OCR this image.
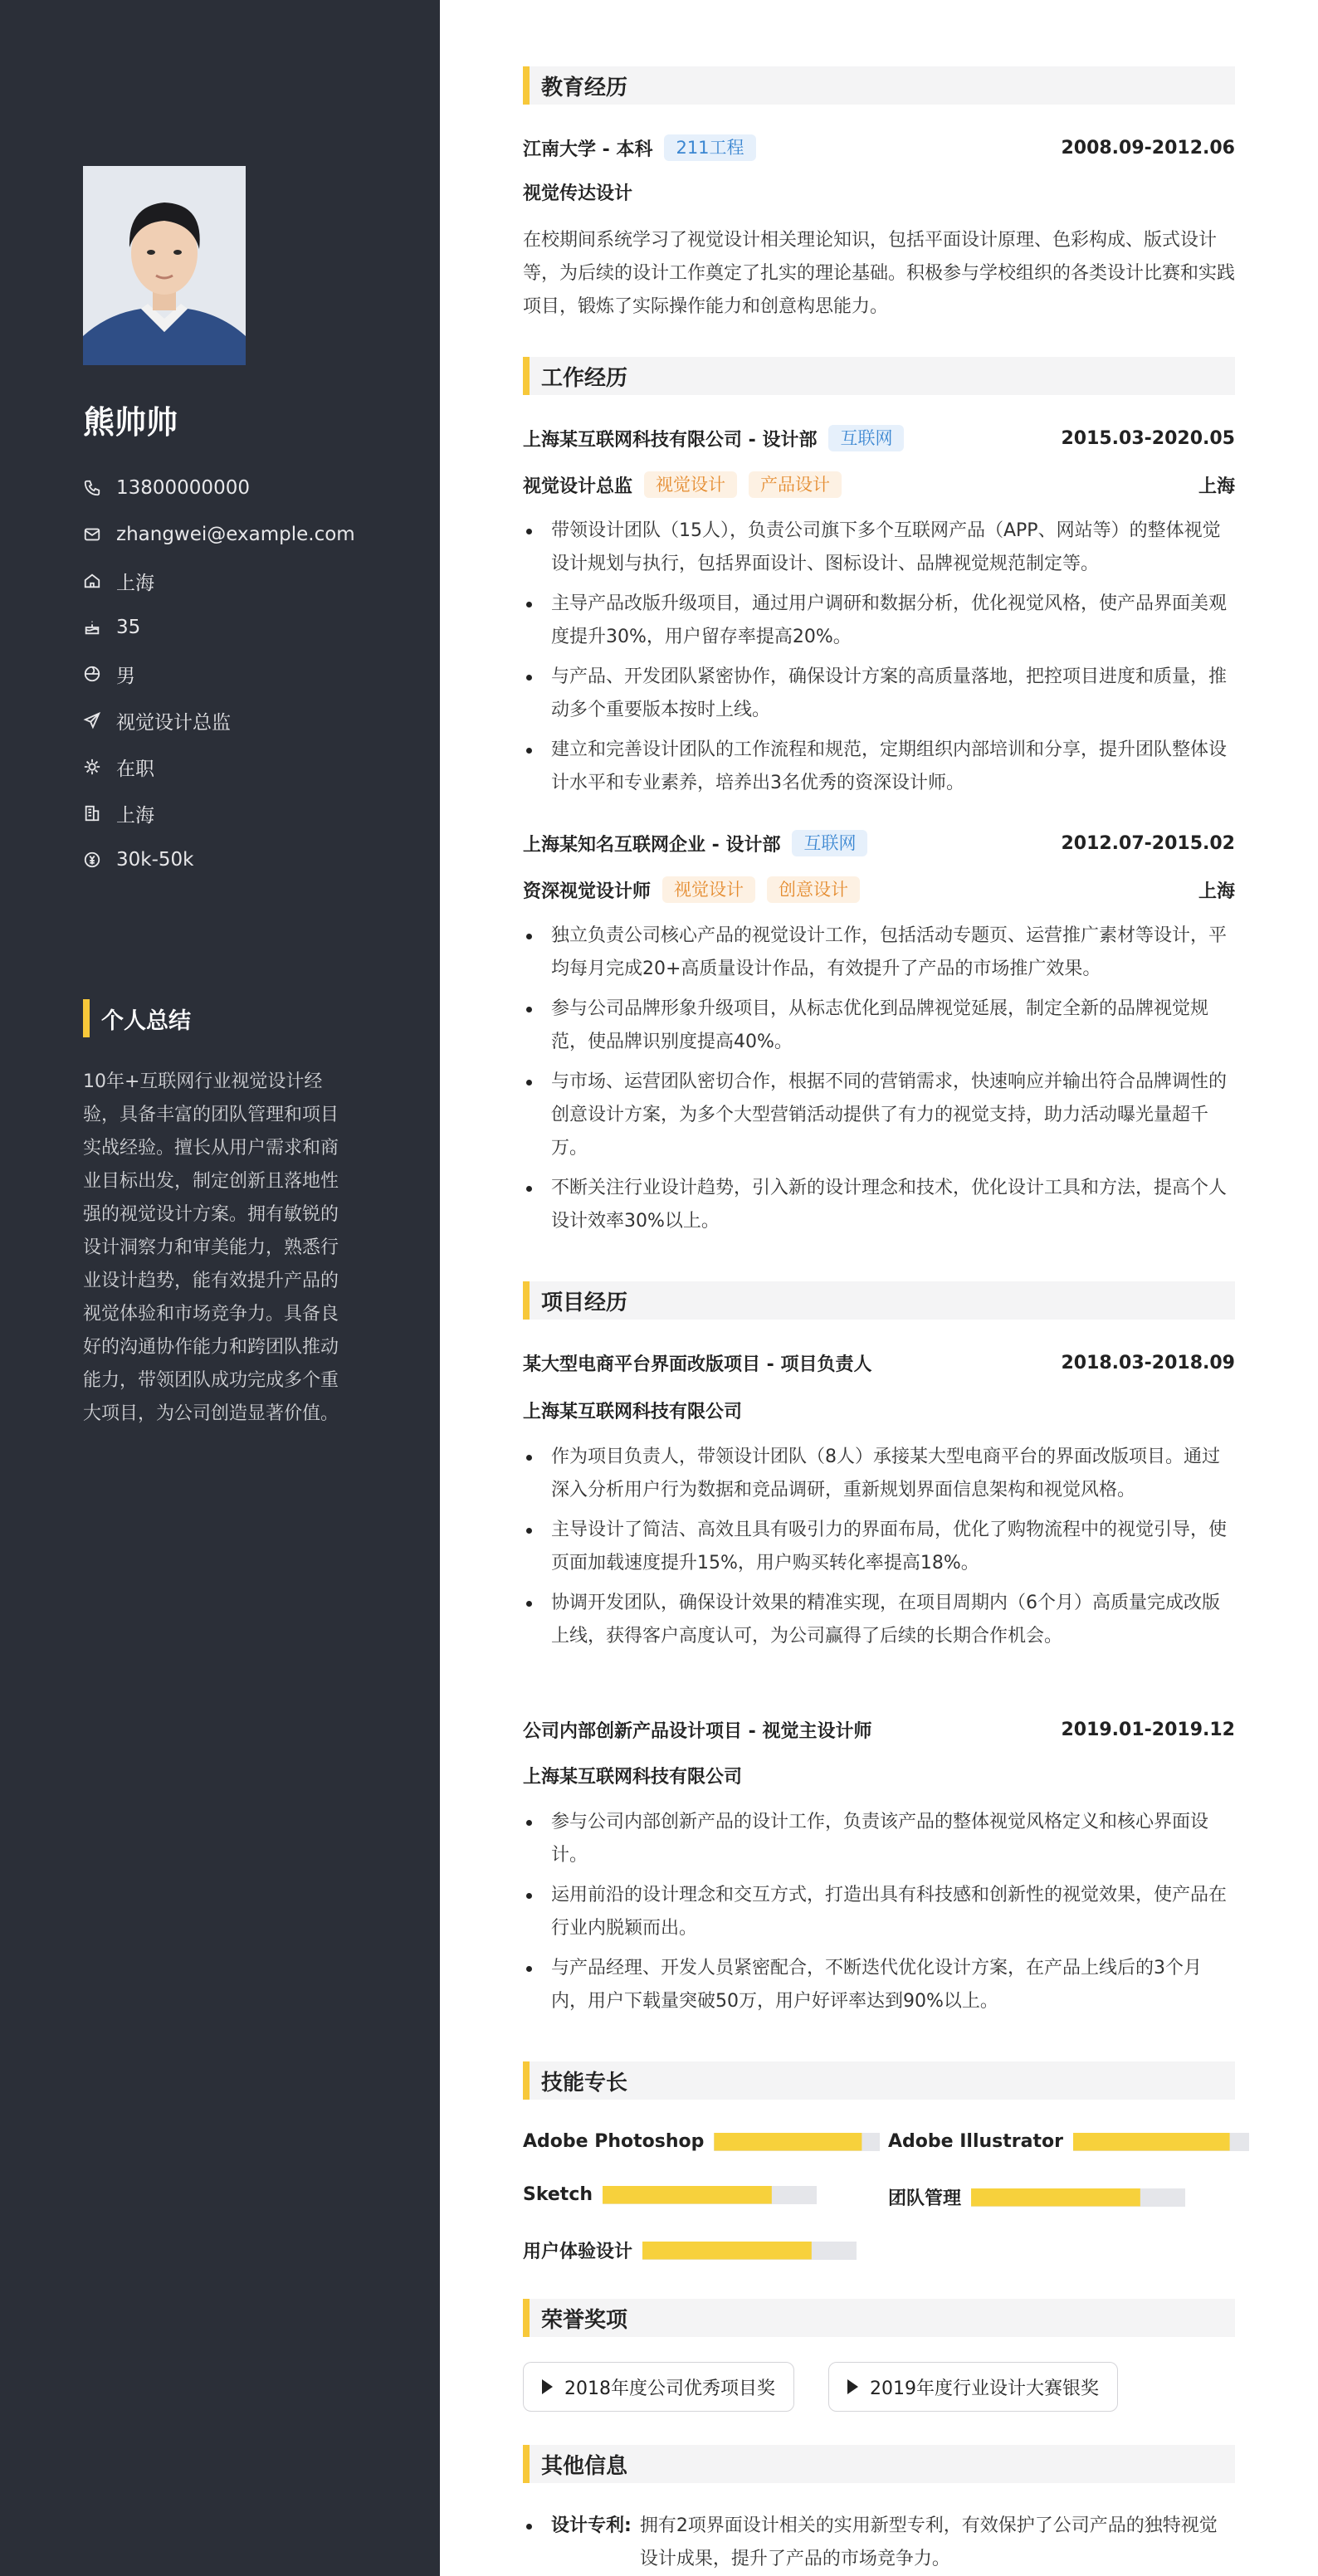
熊帅帅
13800000000
zhangwei@example.com
上海
35
男
视觉设计总监
在职
上海
30k-50k
个人总结
10年+互联网行业视觉设计经验，具备丰富的团队管理和项目实战经验。擅长从用户需求和商业目标出发，制定创新且落地性强的视觉设计方案。拥有敏锐的设计洞察力和审美能力，熟悉行业设计趋势，能有效提升产品的视觉体验和市场竞争力。具备良好的沟通协作能力和跨团队推动能力，带领团队成功完成多个重大项目，为公司创造显著价值。
教育经历
江南大学 - 本科	211工程	2008.09-2012.06
视觉传达设计
在校期间系统学习了视觉设计相关理论知识，包括平面设计原理、色彩构成、版式设计等，为后续的设计工作奠定了扎实的理论基础。积极参与学校组织的各类设计比赛和实践项目，锻炼了实际操作能力和创意构思能力。
工作经历
上海某互联网科技有限公司 - 设计部	互联网	2015.03-2020.05
视觉设计总监	视觉设计	产品设计	上海
带领设计团队（15人），负责公司旗下多个互联网产品（APP、网站等）的整体视觉设计规划与执行，包括界面设计、图标设计、品牌视觉规范制定等。
主导产品改版升级项目，通过用户调研和数据分析，优化视觉风格，使产品界面美观度提升30%，用户留存率提高20%。
与产品、开发团队紧密协作，确保设计方案的高质量落地，把控项目进度和质量，推动多个重要版本按时上线。
建立和完善设计团队的工作流程和规范，定期组织内部培训和分享，提升团队整体设计水平和专业素养，培养出3名优秀的资深设计师。
上海某知名互联网企业 - 设计部	互联网	2012.07-2015.02
资深视觉设计师	视觉设计	创意设计	上海
独立负责公司核心产品的视觉设计工作，包括活动专题页、运营推广素材等设计，平均每月完成20+高质量设计作品，有效提升了产品的市场推广效果。
参与公司品牌形象升级项目，从标志优化到品牌视觉延展，制定全新的品牌视觉规范，使品牌识别度提高40%。
与市场、运营团队密切合作，根据不同的营销需求，快速响应并输出符合品牌调性的创意设计方案，为多个大型营销活动提供了有力的视觉支持，助力活动曝光量超千万。
不断关注行业设计趋势，引入新的设计理念和技术，优化设计工具和方法，提高个人设计效率30%以上。
项目经历
某大型电商平台界面改版项目 - 项目负责人	2018.03-2018.09
上海某互联网科技有限公司
作为项目负责人，带领设计团队（8人）承接某大型电商平台的界面改版项目。通过深入分析用户行为数据和竞品调研，重新规划界面信息架构和视觉风格。
主导设计了简洁、高效且具有吸引力的界面布局，优化了购物流程中的视觉引导，使页面加载速度提升15%，用户购买转化率提高18%。
协调开发团队，确保设计效果的精准实现，在项目周期内（6个月）高质量完成改版上线，获得客户高度认可，为公司赢得了后续的长期合作机会。
公司内部创新产品设计项目 - 视觉主设计师	2019.01-2019.12
上海某互联网科技有限公司
参与公司内部创新产品的设计工作，负责该产品的整体视觉风格定义和核心界面设计。
运用前沿的设计理念和交互方式，打造出具有科技感和创新性的视觉效果，使产品在行业内脱颖而出。
与产品经理、开发人员紧密配合，不断迭代优化设计方案，在产品上线后的3个月内，用户下载量突破50万，用户好评率达到90%以上。
技能专长
Adobe Photoshop	Adobe Illustrator
Sketch	团队管理
用户体验设计
荣誉奖项
2018年度公司优秀项目奖	2019年度行业设计大赛银奖
其他信息
设计专利: 拥有2项界面设计相关的实用新型专利，有效保护了公司产品的独特视觉设计成果，提升了产品的市场竞争力。
